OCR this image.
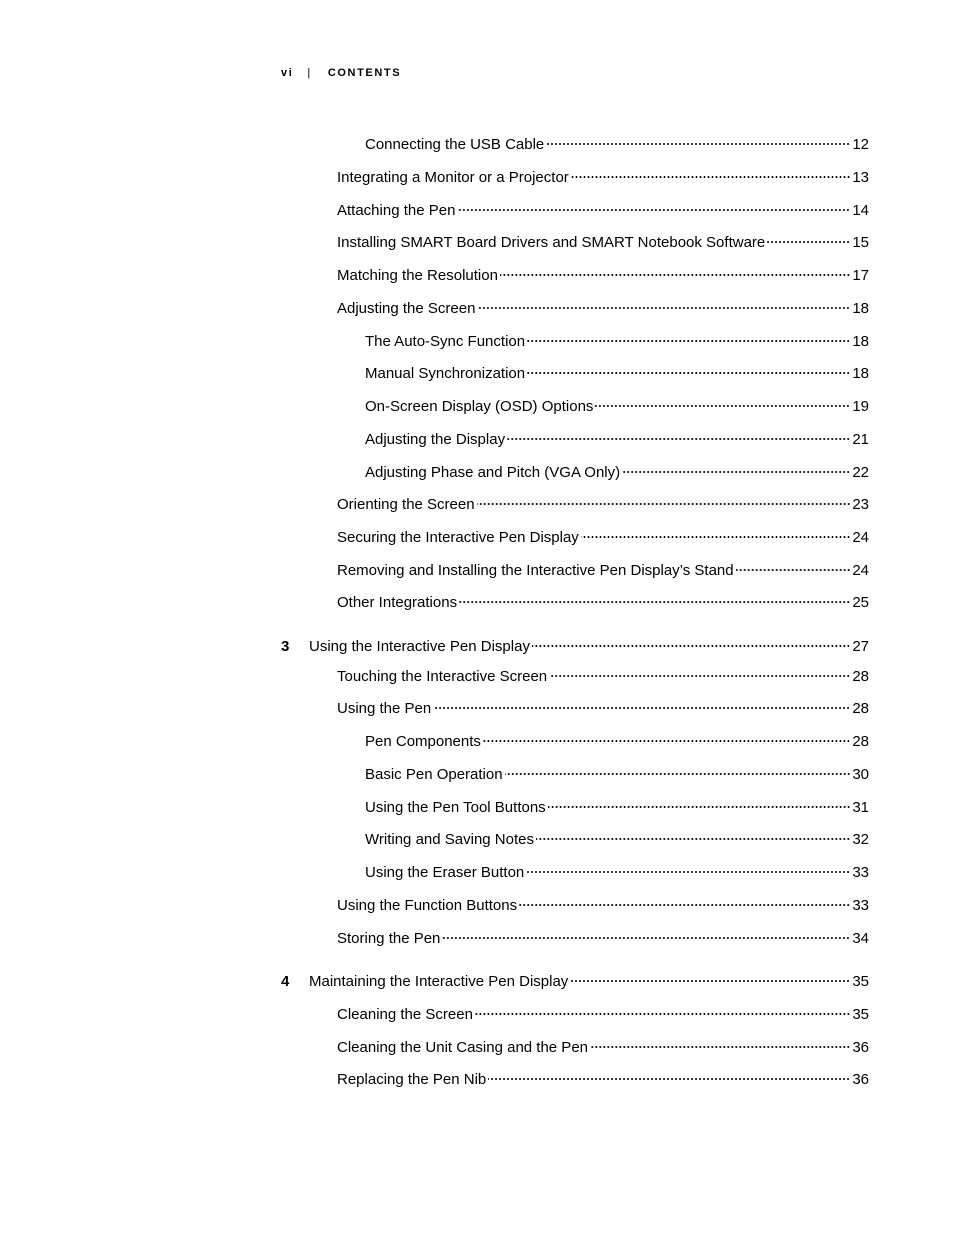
vi | CONTENTS
Connecting the USB Cable	12
Integrating a Monitor or a Projector	13
Attaching the Pen	14
Installing SMART Board Drivers and SMART Notebook Software	15
Matching the Resolution	17
Adjusting the Screen	18
The Auto-Sync Function	18
Manual Synchronization	18
On-Screen Display (OSD) Options	19
Adjusting the Display	21
Adjusting Phase and Pitch (VGA Only)	22
Orienting the Screen	23
Securing the Interactive Pen Display	24
Removing and Installing the Interactive Pen Display’s Stand	24
Other Integrations	25
3	Using the Interactive Pen Display	27
Touching the Interactive Screen	28
Using the Pen	28
Pen Components	28
Basic Pen Operation	30
Using the Pen Tool Buttons	31
Writing and Saving Notes	32
Using the Eraser Button	33
Using the Function Buttons	33
Storing the Pen	34
4	Maintaining the Interactive Pen Display	35
Cleaning the Screen	35
Cleaning the Unit Casing and the Pen	36
Replacing the Pen Nib	36
